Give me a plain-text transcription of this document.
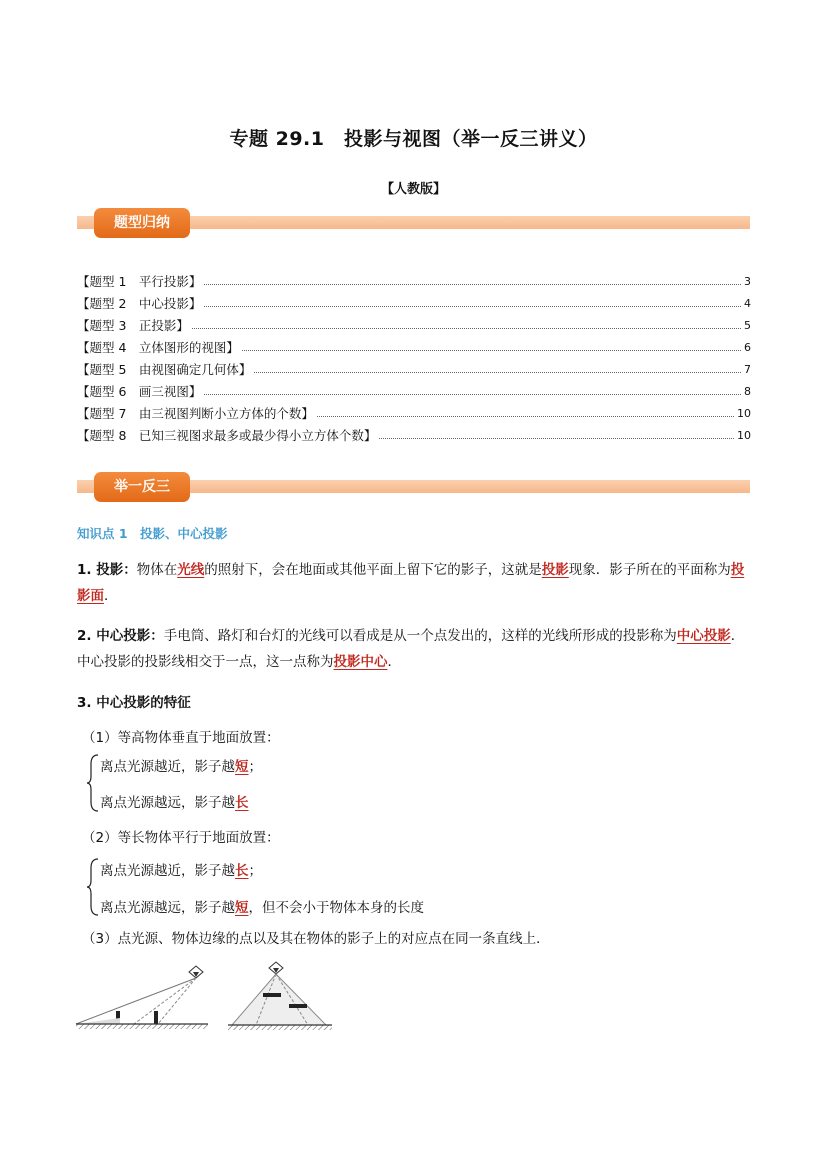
专题 29.1　投影与视图（举一反三讲义）
【人教版】
题型归纳
【题型 1　平行投影】	3
【题型 2　中心投影】	4
【题型 3　正投影】	5
【题型 4　立体图形的视图】	6
【题型 5　由视图确定几何体】	7
【题型 6　画三视图】	8
【题型 7　由三视图判断小立方体的个数】	10
【题型 8　已知三视图求最多或最少得小立方体个数】	10
举一反三
知识点 1　投影、中心投影
1. 投影：物体在光线的照射下，会在地面或其他平面上留下它的影子，这就是投影现象．影子所在的平面称为投影面．
2. 中心投影：手电筒、路灯和台灯的光线可以看成是从一个点发出的，这样的光线所形成的投影称为中心投影．中心投影的投影线相交于一点，这一点称为投影中心．
3. 中心投影的特征
（1）等高物体垂直于地面放置：
离点光源越近，影子越短；
离点光源越远，影子越长
（2）等长物体平行于地面放置：
离点光源越近，影子越长；
离点光源越远，影子越短，但不会小于物体本身的长度
（3）点光源、物体边缘的点以及其在物体的影子上的对应点在同一条直线上．
